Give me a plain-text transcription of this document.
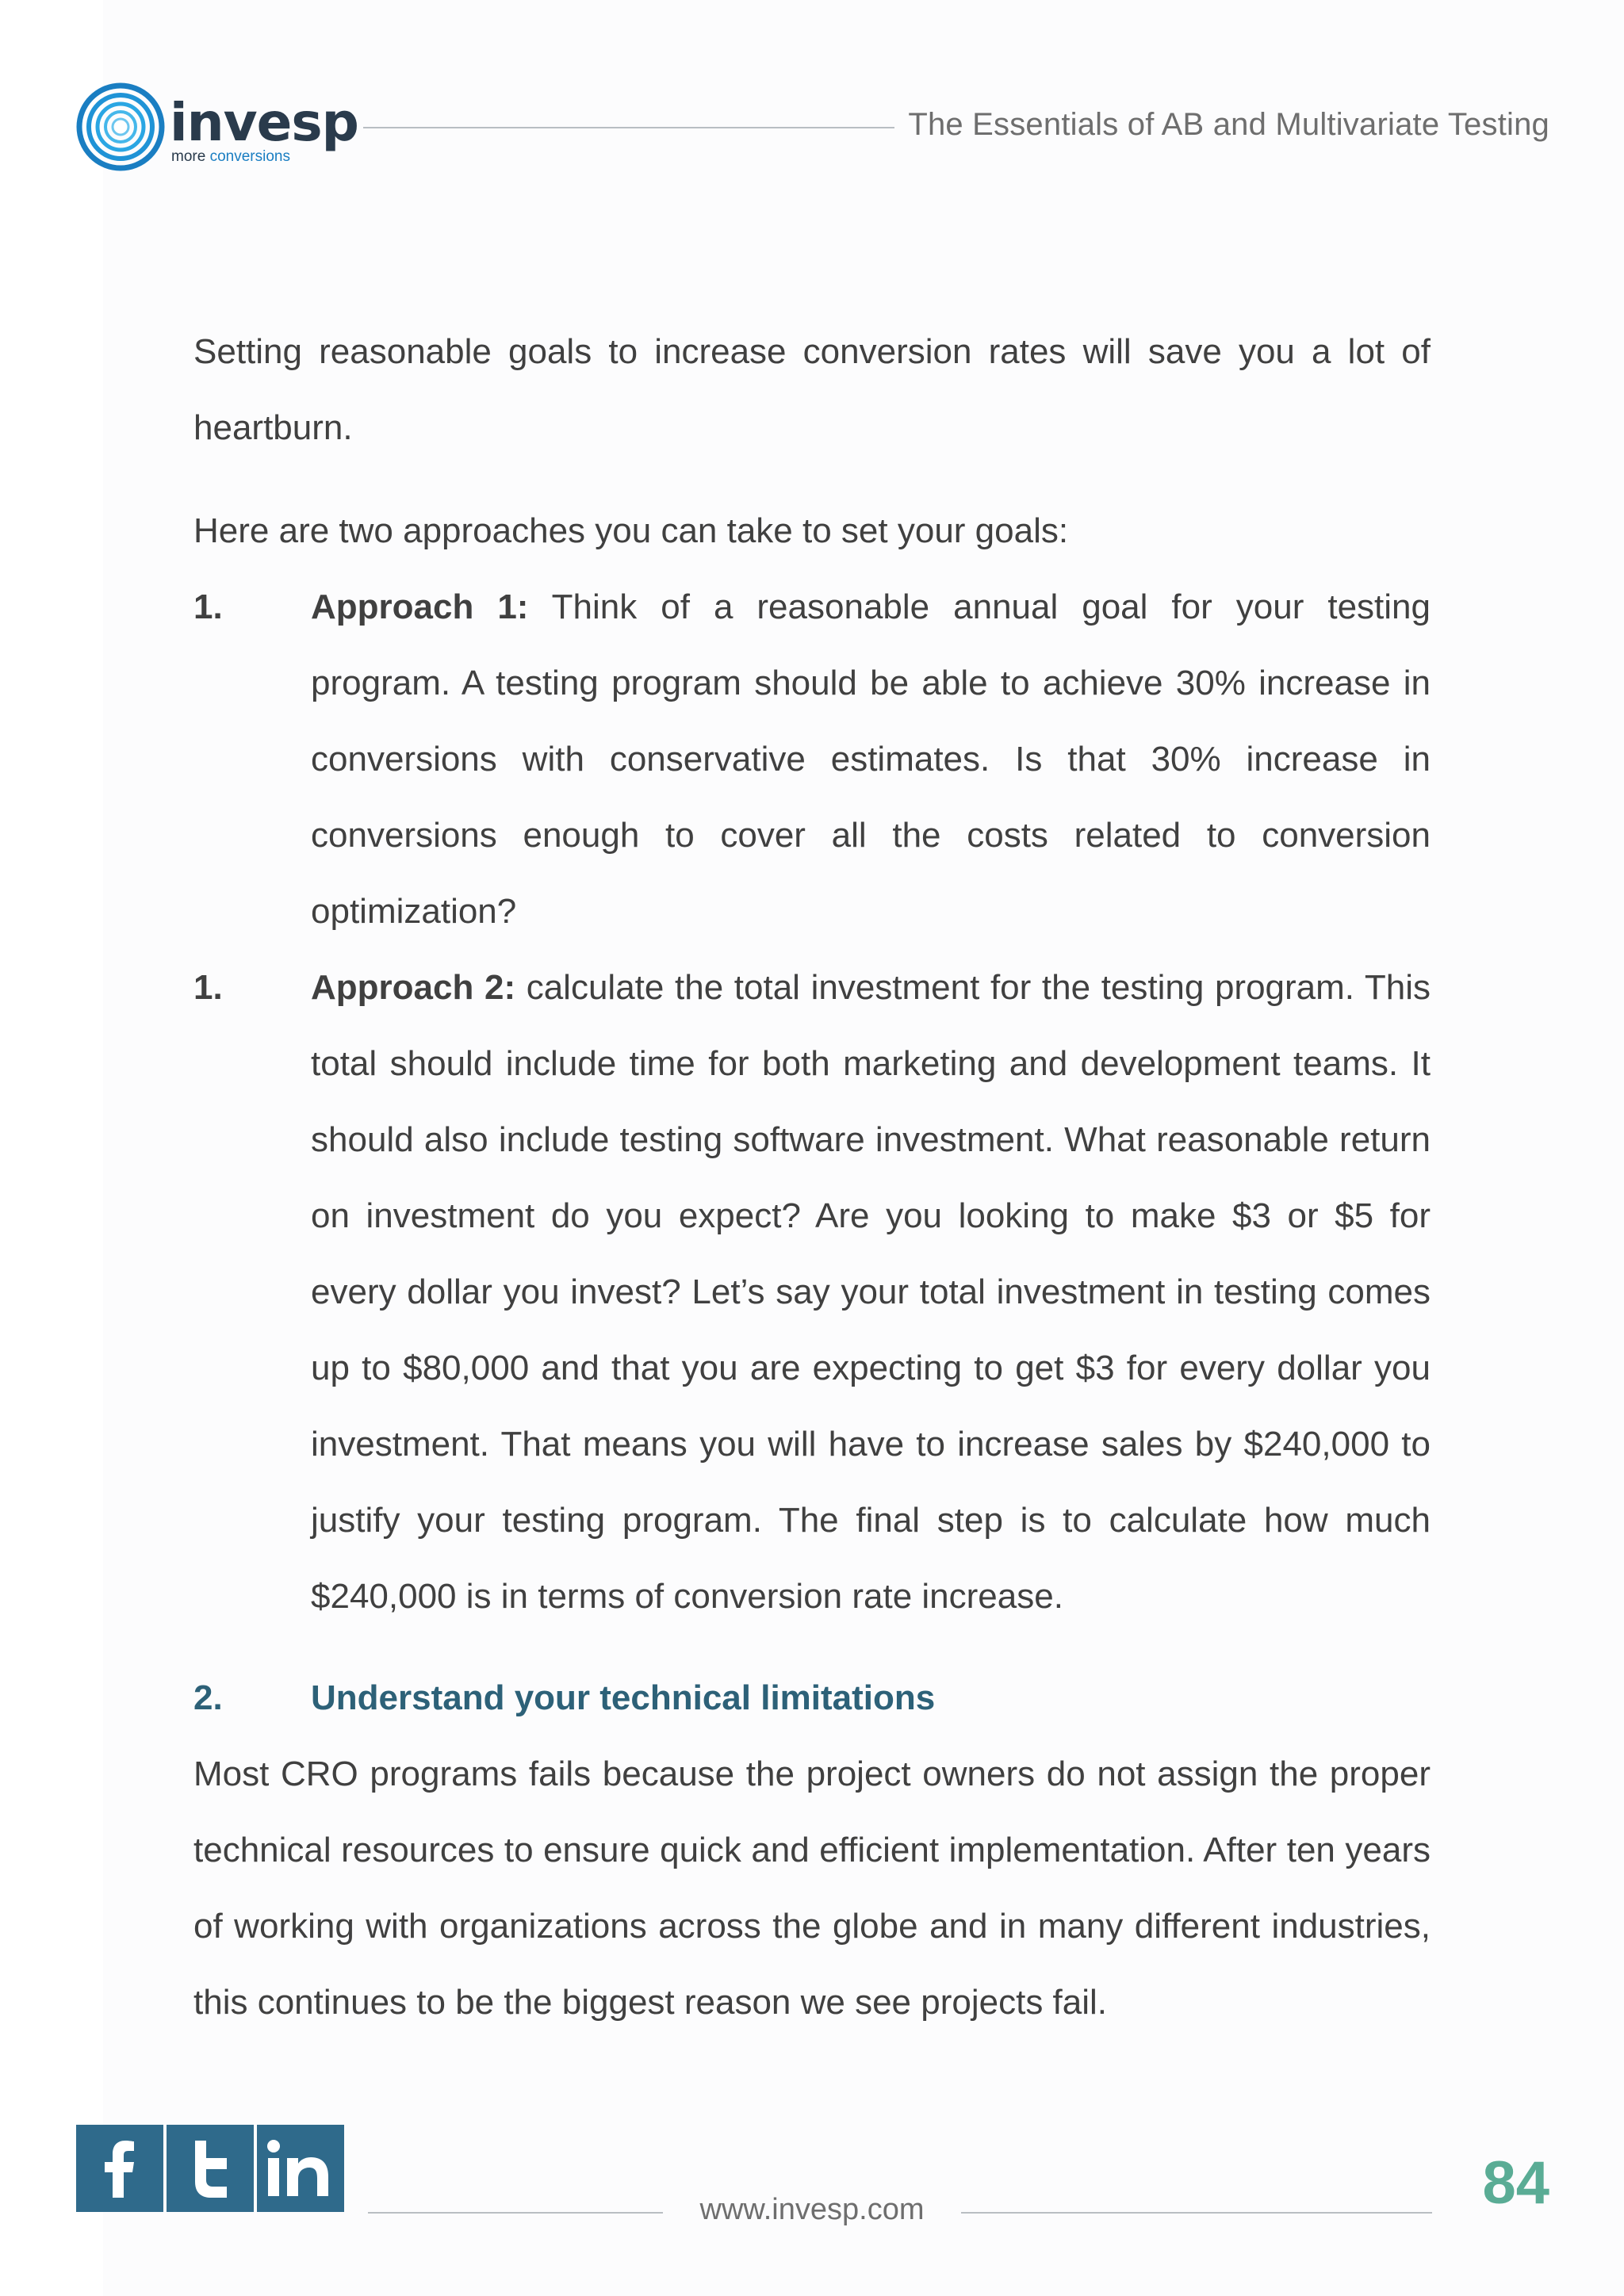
invesp
more conversions
The Essentials of AB and Multivariate Testing

Setting reasonable goals to increase conversion rates will save you a lot of heartburn.

Here are two approaches you can take to set your goals:

1.	Approach 1: Think of a reasonable annual goal for your testing program. A testing program should be able to achieve 30% increase in conversions with conservative estimates. Is that 30% increase in conversions enough to cover all the costs related to conversion optimization?
1.	Approach 2: calculate the total investment for the testing program. This total should include time for both marketing and development teams. It should also include testing software investment. What reasonable return on investment do you expect? Are you looking to make $3 or $5 for every dollar you invest? Let’s say your total investment in testing comes up to $80,000 and that you are expecting to get $3 for every dollar you investment. That means you will have to increase sales by $240,000 to justify your testing program. The final step is to calculate how much $240,000 is in terms of conversion rate increase.
2.	Understand your technical limitations

Most CRO programs fails because the project owners do not assign the proper technical resources to ensure quick and efficient implementation. After ten years of working with organizations across the globe and in many different industries, this continues to be the biggest reason we see projects fail.

www.invesp.com	84
